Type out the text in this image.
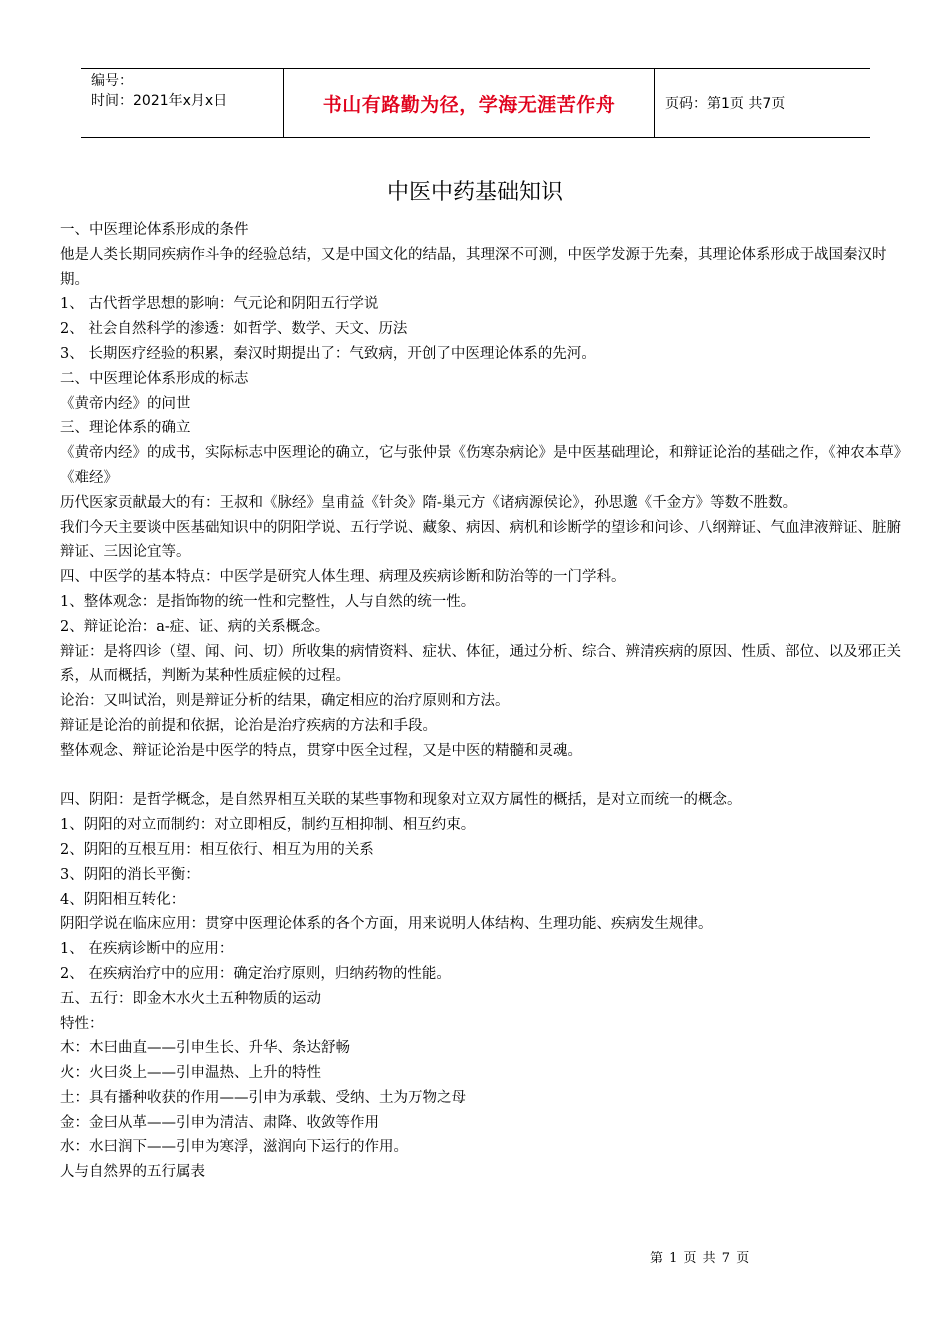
编号：
时间：2021年x月x日	书山有路勤为径，学海无涯苦作舟	页码：第1页 共7页
中医中药基础知识

一、中医理论体系形成的条件

他是人类长期同疾病作斗争的经验总结，又是中国文化的结晶，其理深不可测，中医学发源于先秦，其理论体系形成于战国秦汉时期。

1、 古代哲学思想的影响：气元论和阴阳五行学说

2、 社会自然科学的渗透：如哲学、数学、天文、历法

3、 长期医疗经验的积累，秦汉时期提出了：气致病，开创了中医理论体系的先河。

二、中医理论体系形成的标志

《黄帝内经》的问世

三、理论体系的确立

《黄帝内经》的成书，实际标志中医理论的确立，它与张仲景《伤寒杂病论》是中医基础理论，和辩证论治的基础之作，《神农本草》《难经》

历代医家贡献最大的有：王叔和《脉经》皇甫益《针灸》隋-巢元方《诸病源侯论》，孙思邈《千金方》等数不胜数。

我们今天主要谈中医基础知识中的阴阳学说、五行学说、藏象、病因、病机和诊断学的望诊和问诊、八纲辩证、气血津液辩证、脏腑辩证、三因论宜等。

四、中医学的基本特点：中医学是研究人体生理、病理及疾病诊断和防治等的一门学科。

1、整体观念：是指饰物的统一性和完整性，人与自然的统一性。

2、辩证论治：a-症、证、病的关系概念。

辩证：是将四诊（望、闻、问、切）所收集的病情资料、症状、体征，通过分析、综合、辨清疾病的原因、性质、部位、以及邪正关系，从而概括，判断为某种性质症候的过程。

论治：又叫试治，则是辩证分析的结果，确定相应的治疗原则和方法。

辩证是论治的前提和依据，论治是治疗疾病的方法和手段。

整体观念、辩证论治是中医学的特点，贯穿中医全过程，又是中医的精髓和灵魂。

四、阴阳：是哲学概念，是自然界相互关联的某些事物和现象对立双方属性的概括，是对立而统一的概念。

1、阴阳的对立而制约：对立即相反，制约互相抑制、相互约束。

2、阴阳的互根互用：相互依行、相互为用的关系

3、阴阳的消长平衡：

4、阴阳相互转化：

阴阳学说在临床应用：贯穿中医理论体系的各个方面，用来说明人体结构、生理功能、疾病发生规律。

1、 在疾病诊断中的应用：

2、 在疾病治疗中的应用：确定治疗原则，归纳药物的性能。

五、五行：即金木水火土五种物质的运动

特性：

木：木曰曲直——引申生长、升华、条达舒畅

火：火曰炎上——引申温热、上升的特性

土：具有播种收获的作用——引申为承载、受纳、土为万物之母

金：金曰从革——引申为清洁、肃降、收敛等作用

水：水曰润下——引申为寒浮，滋润向下运行的作用。

人与自然界的五行属表

第 1 页 共 7 页
